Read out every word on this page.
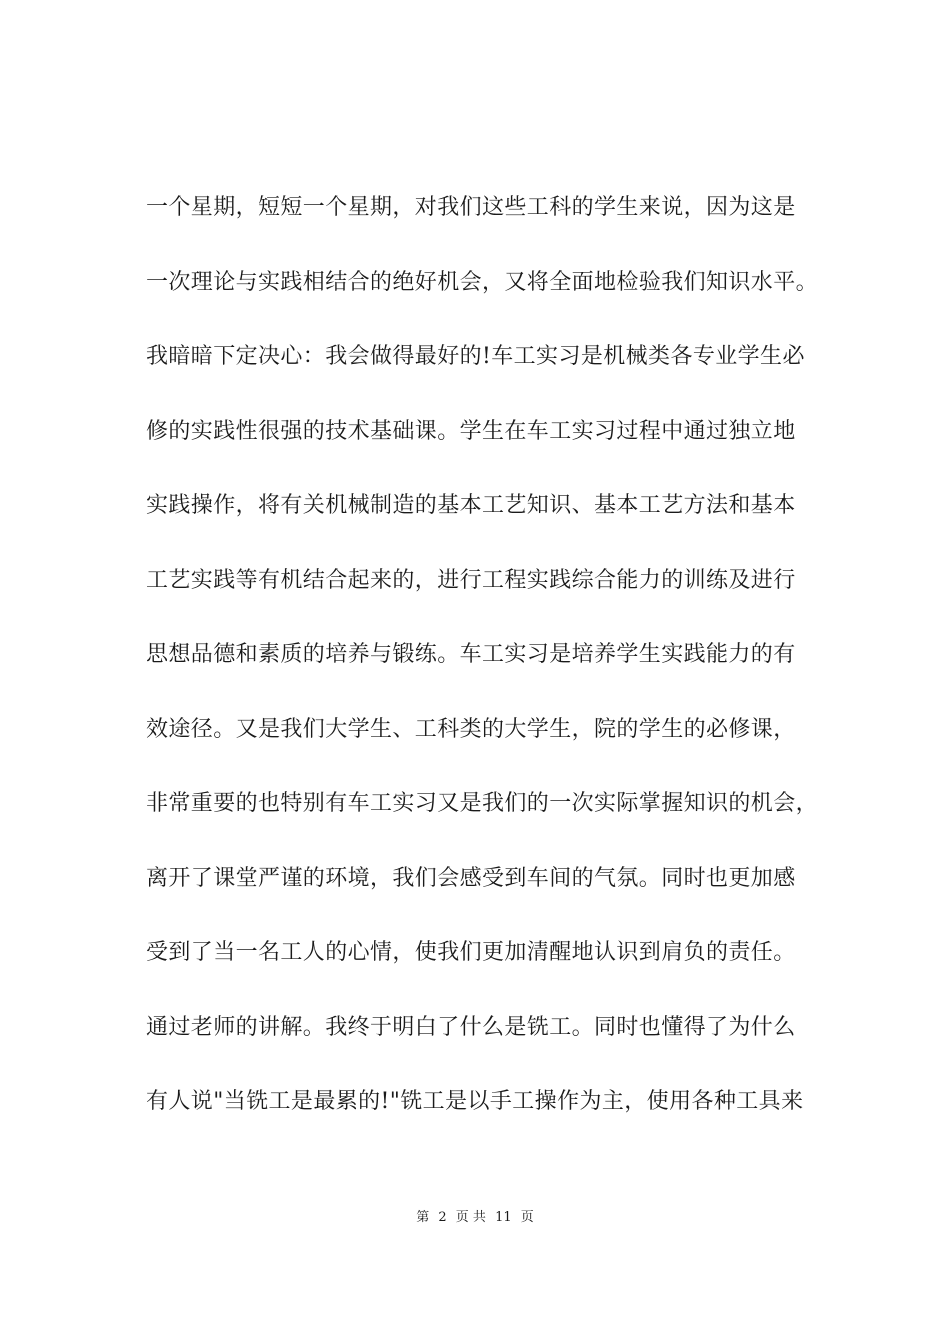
一个星期，短短一个星期，对我们这些工科的学生来说，因为这是
一次理论与实践相结合的绝好机会，又将全面地检验我们知识水平。
我暗暗下定决心：我会做得最好的!车工实习是机械类各专业学生必
修的实践性很强的技术基础课。学生在车工实习过程中通过独立地
实践操作，将有关机械制造的基本工艺知识、基本工艺方法和基本
工艺实践等有机结合起来的，进行工程实践综合能力的训练及进行
思想品德和素质的培养与锻练。车工实习是培养学生实践能力的有
效途径。又是我们大学生、工科类的大学生，院的学生的必修课，
非常重要的也特别有车工实习又是我们的一次实际掌握知识的机会，
离开了课堂严谨的环境，我们会感受到车间的气氛。同时也更加感
受到了当一名工人的心情，使我们更加清醒地认识到肩负的责任。
通过老师的讲解。我终于明白了什么是铣工。同时也懂得了为什么
有人说"当铣工是最累的!"铣工是以手工操作为主，使用各种工具来
第 2 页 共 11 页
